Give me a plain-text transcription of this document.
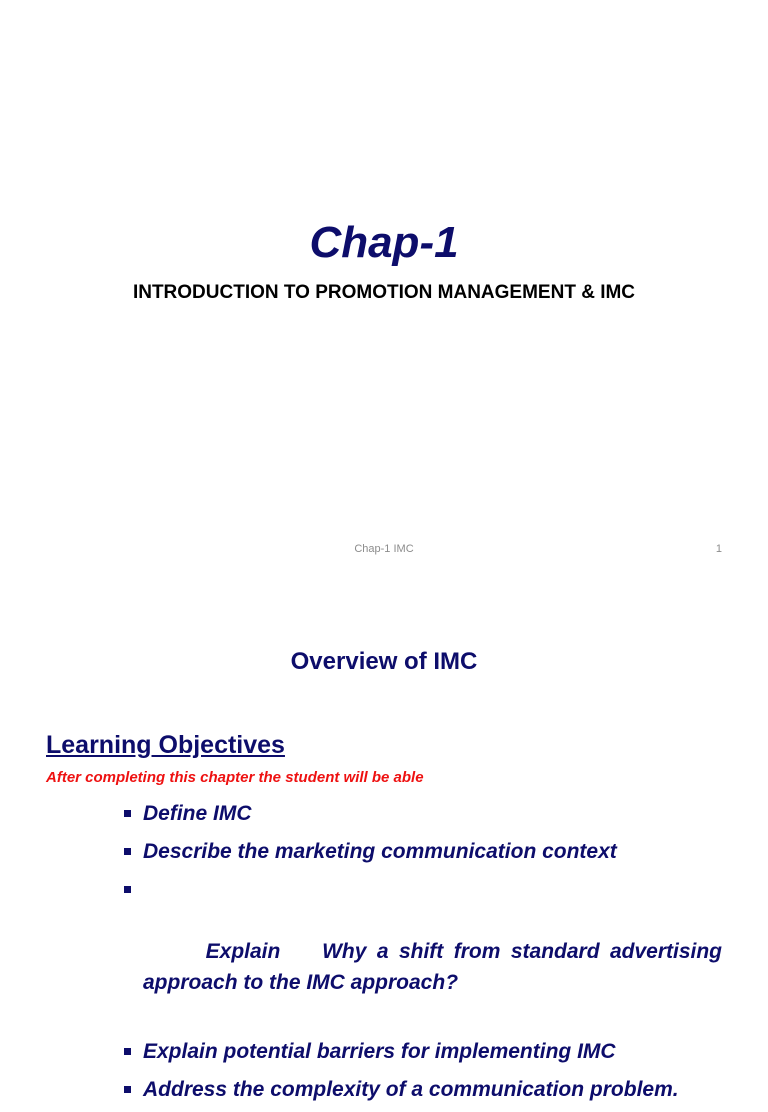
Chap-1
INTRODUCTION TO PROMOTION MANAGEMENT & IMC
Chap-1 IMC	1
Overview of IMC
Learning Objectives
After completing this chapter the student will be able
Define IMC
Describe the marketing communication context

Explain    Why a shift from standard advertising approach to the IMC approach?

Explain potential barriers for implementing IMC
Address the complexity of a communication problem.
